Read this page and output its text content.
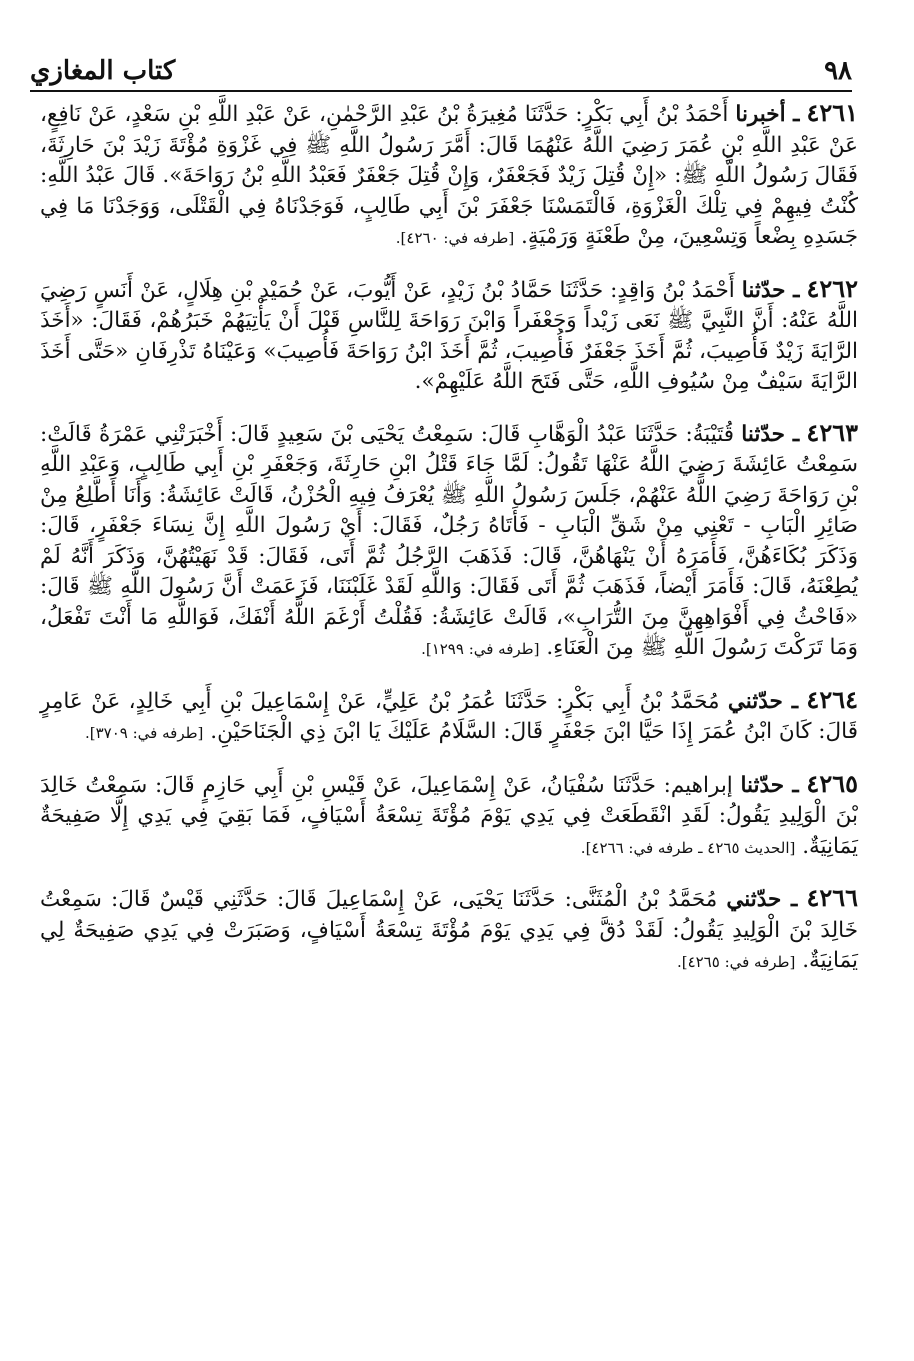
كتاب المغازي	٩٨

٤٢٦١ ـ أخبرنا أَحْمَدُ بْنُ أَبِي بَكْرٍ: حَدَّثَنَا مُغِيرَةُ بْنُ عَبْدِ الرَّحْمٰنِ، عَنْ عَبْدِ اللَّهِ بْنِ سَعْدٍ، عَنْ نَافِعٍ، عَنْ عَبْدِ اللَّهِ بْنِ عُمَرَ رَضِيَ اللَّهُ عَنْهُمَا قَالَ: أَمَّرَ رَسُولُ اللَّهِ ﷺ فِي غَزْوَةِ مُؤْتَةَ زَيْدَ بْنَ حَارِثَةَ، فَقَالَ رَسُولُ اللَّهِ ﷺ: «إِنْ قُتِلَ زَيْدٌ فَجَعْفَرٌ، وَإِنْ قُتِلَ جَعْفَرٌ فَعَبْدُ اللَّهِ بْنُ رَوَاحَةَ». قَالَ عَبْدُ اللَّهِ: كُنْتُ فِيهِمْ فِي تِلْكَ الْغَزْوَةِ، فَالْتَمَسْنَا جَعْفَرَ بْنَ أَبِي طَالِبٍ، فَوَجَدْنَاهُ فِي الْقَتْلَى، وَوَجَدْنَا مَا فِي جَسَدِهِ بِضْعاً وَتِسْعِينَ، مِنْ طَعْنَةٍ وَرَمْيَةٍ. [طرفه في: ٤٢٦٠].

٤٢٦٢ ـ حدّثنا أَحْمَدُ بْنُ وَاقِدٍ: حَدَّثَنَا حَمَّادُ بْنُ زَيْدٍ، عَنْ أَيُّوبَ، عَنْ حُمَيْدِ بْنِ هِلَالٍ، عَنْ أَنَسٍ رَضِيَ اللَّهُ عَنْهُ: أَنَّ النَّبِيَّ ﷺ نَعَى زَيْداً وَجَعْفَراً وَابْنَ رَوَاحَةَ لِلنَّاسِ قَبْلَ أَنْ يَأْتِيَهُمْ خَبَرُهُمْ، فَقَالَ: «أَخَذَ الرَّايَةَ زَيْدٌ فَأُصِيبَ، ثُمَّ أَخَذَ جَعْفَرٌ فَأُصِيبَ، ثُمَّ أَخَذَ ابْنُ رَوَاحَةَ فَأُصِيبَ» وَعَيْنَاهُ تَذْرِفَانِ «حَتَّى أَخَذَ الرَّايَةَ سَيْفٌ مِنْ سُيُوفِ اللَّهِ، حَتَّى فَتَحَ اللَّهُ عَلَيْهِمْ».

٤٢٦٣ ـ حدّثنا قُتَيْبَةُ: حَدَّثَنَا عَبْدُ الْوَهَّابِ قَالَ: سَمِعْتُ يَحْيَى بْنَ سَعِيدٍ قَالَ: أَخْبَرَتْنِي عَمْرَةُ قَالَتْ: سَمِعْتُ عَائِشَةَ رَضِيَ اللَّهُ عَنْهَا تَقُولُ: لَمَّا جَاءَ قَتْلُ ابْنِ حَارِثَةَ، وَجَعْفَرِ بْنِ أَبِي طَالِبٍ، وَعَبْدِ اللَّهِ بْنِ رَوَاحَةَ رَضِيَ اللَّهُ عَنْهُمْ، جَلَسَ رَسُولُ اللَّهِ ﷺ يُعْرَفُ فِيهِ الْحُزْنُ، قَالَتْ عَائِشَةُ: وَأَنَا أَطَّلِعُ مِنْ صَائِرِ الْبَابِ - تَعْنِي مِنْ شَقِّ الْبَابِ - فَأَتَاهُ رَجُلٌ، فَقَالَ: أَيْ رَسُولَ اللَّهِ إِنَّ نِسَاءَ جَعْفَرٍ، قَالَ: وَذَكَرَ بُكَاءَهُنَّ، فَأَمَرَهُ أَنْ يَنْهَاهُنَّ، قَالَ: فَذَهَبَ الرَّجُلُ ثُمَّ أَتَى، فَقَالَ: قَدْ نَهَيْتُهُنَّ، وَذَكَرَ أَنَّهُ لَمْ يُطِعْنَهُ، قَالَ: فَأَمَرَ أَيْضاً، فَذَهَبَ ثُمَّ أَتَى فَقَالَ: وَاللَّهِ لَقَدْ غَلَبْنَنَا، فَزَعَمَتْ أَنَّ رَسُولَ اللَّهِ ﷺ قَالَ: «فَاحْثُ فِي أَفْوَاهِهِنَّ مِنَ التُّرَابِ»، قَالَتْ عَائِشَةُ: فَقُلْتُ أَرْغَمَ اللَّهُ أَنْفَكَ، فَوَاللَّهِ مَا أَنْتَ تَفْعَلُ، وَمَا تَرَكْتَ رَسُولَ اللَّهِ ﷺ مِنَ الْعَنَاءِ. [طرفه في: ١٢٩٩].

٤٢٦٤ ـ حدّثني مُحَمَّدُ بْنُ أَبِي بَكْرٍ: حَدَّثَنَا عُمَرُ بْنُ عَلِيٍّ، عَنْ إِسْمَاعِيلَ بْنِ أَبِي خَالِدٍ، عَنْ عَامِرٍ قَالَ: كَانَ ابْنُ عُمَرَ إِذَا حَيَّا ابْنَ جَعْفَرٍ قَالَ: السَّلَامُ عَلَيْكَ يَا ابْنَ ذِي الْجَنَاحَيْنِ. [طرفه في: ٣٧٠٩].

٤٢٦٥ ـ حدّثنا إبراهيم: حَدَّثَنَا سُفْيَانُ، عَنْ إِسْمَاعِيلَ، عَنْ قَيْسِ بْنِ أَبِي حَازِمٍ قَالَ: سَمِعْتُ خَالِدَ بْنَ الْوَلِيدِ يَقُولُ: لَقَدِ انْقَطَعَتْ فِي يَدِي يَوْمَ مُؤْتَةَ تِسْعَةُ أَسْيَافٍ، فَمَا بَقِيَ فِي يَدِي إِلَّا صَفِيحَةٌ يَمَانِيَةٌ. [الحديث ٤٢٦٥ ـ طرفه في: ٤٢٦٦].

٤٢٦٦ ـ حدّثني مُحَمَّدُ بْنُ الْمُثَنَّى: حَدَّثَنَا يَحْيَى، عَنْ إِسْمَاعِيلَ قَالَ: حَدَّثَنِي قَيْسٌ قَالَ: سَمِعْتُ خَالِدَ بْنَ الْوَلِيدِ يَقُولُ: لَقَدْ دُقَّ فِي يَدِي يَوْمَ مُؤْتَةَ تِسْعَةُ أَسْيَافٍ، وَصَبَرَتْ فِي يَدِي صَفِيحَةٌ لِي يَمَانِيَةٌ. [طرفه في: ٤٢٦٥].
